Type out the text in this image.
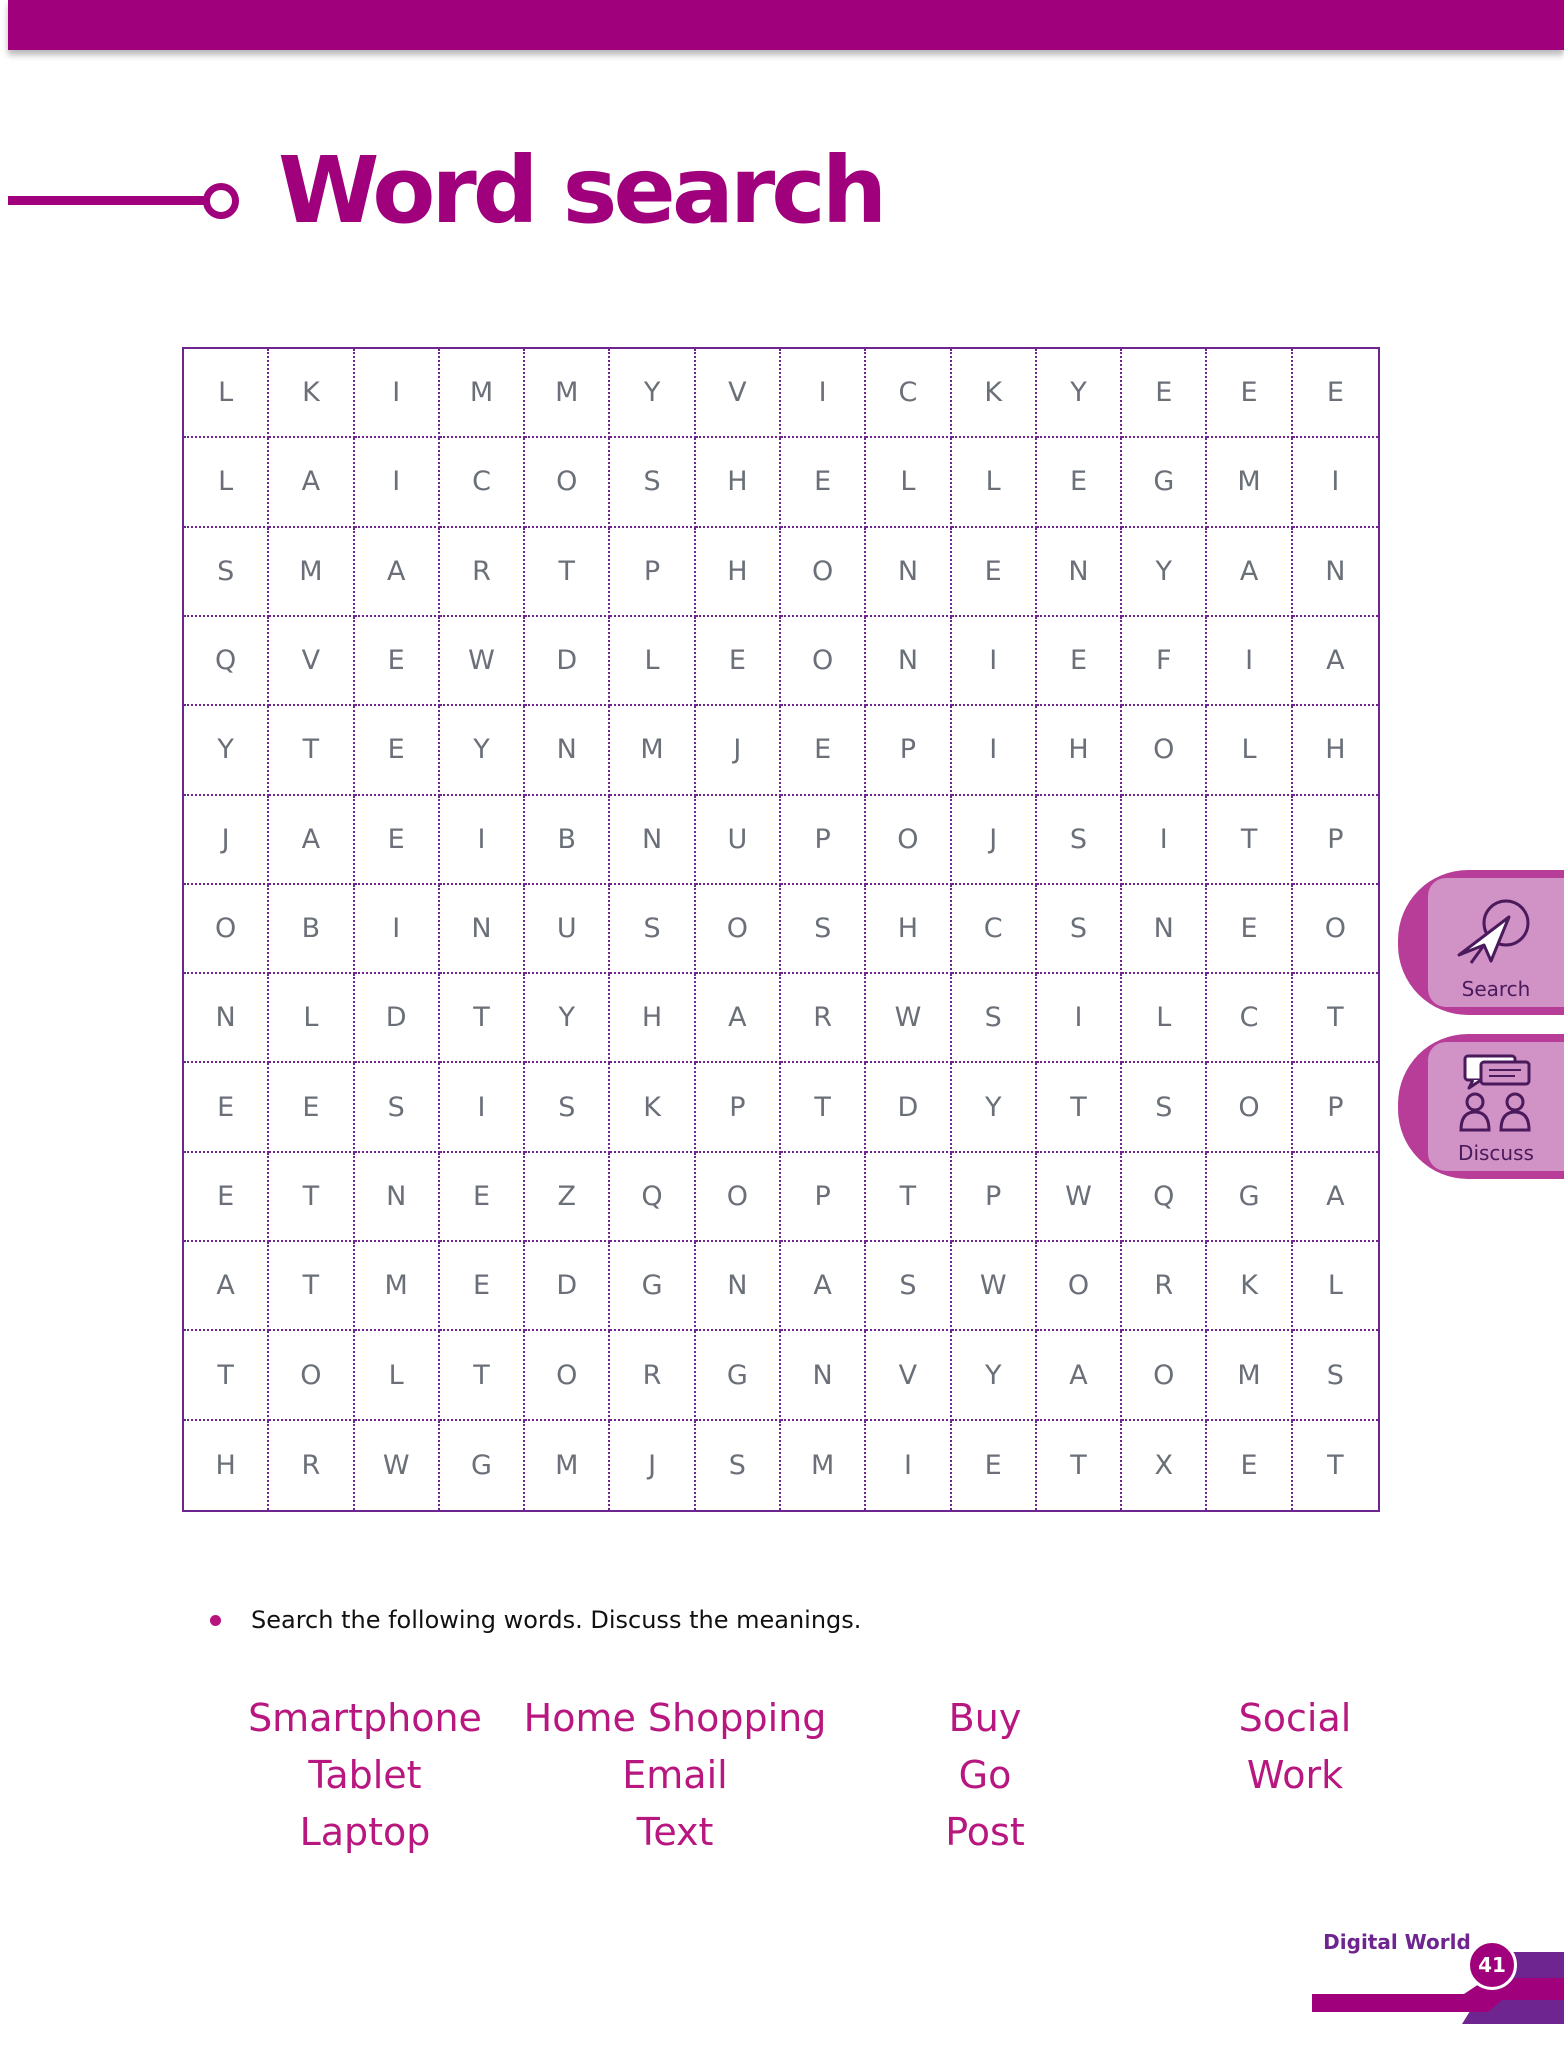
Word search
L	K	I	M	M	Y	V	I	C	K	Y	E	E	E
L	A	I	C	O	S	H	E	L	L	E	G	M	I
S	M	A	R	T	P	H	O	N	E	N	Y	A	N
Q	V	E	W	D	L	E	O	N	I	E	F	I	A
Y	T	E	Y	N	M	J	E	P	I	H	O	L	H
J	A	E	I	B	N	U	P	O	J	S	I	T	P
O	B	I	N	U	S	O	S	H	C	S	N	E	O
N	L	D	T	Y	H	A	R	W	S	I	L	C	T
E	E	S	I	S	K	P	T	D	Y	T	S	O	P
E	T	N	E	Z	Q	O	P	T	P	W	Q	G	A
A	T	M	E	D	G	N	A	S	W	O	R	K	L
T	O	L	T	O	R	G	N	V	Y	A	O	M	S
H	R	W	G	M	J	S	M	I	E	T	X	E	T
Search
Discuss
Search the following words. Discuss the meanings.
Smartphone
Tablet
Laptop
Home Shopping
Email
Text
Buy
Go
Post
Social
Work
Digital World
Practice	41
